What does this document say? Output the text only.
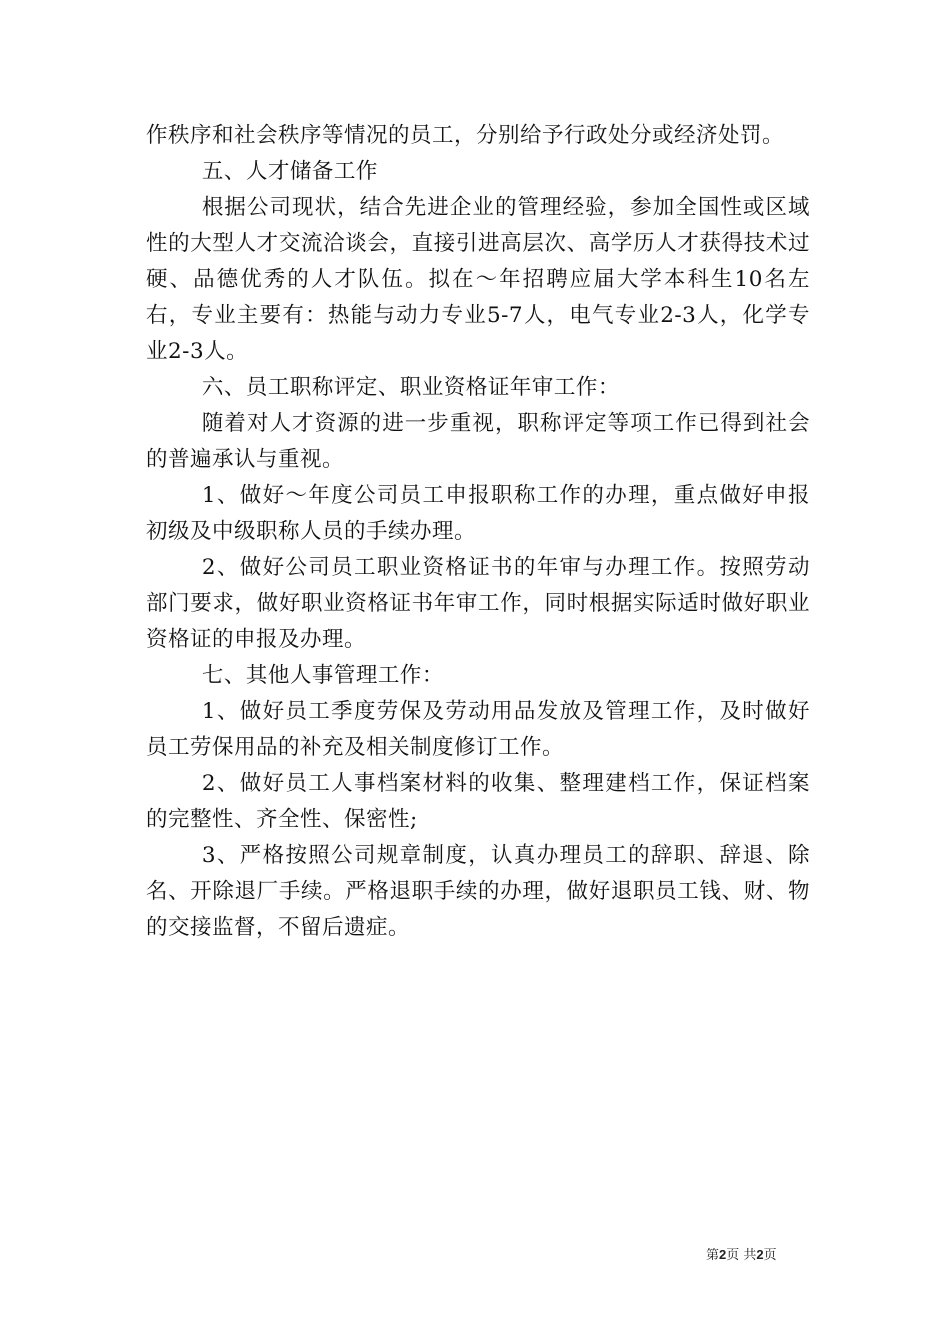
作秩序和社会秩序等情况的员工，分别给予行政处分或经济处罚。

五、人才储备工作

根据公司现状，结合先进企业的管理经验，参加全国性或区域性的大型人才交流洽谈会，直接引进高层次、高学历人才获得技术过硬、品德优秀的人才队伍。拟在～年招聘应届大学本科生10名左右，专业主要有：热能与动力专业5-7人，电气专业2-3人，化学专业2-3人。

六、员工职称评定、职业资格证年审工作：

随着对人才资源的进一步重视，职称评定等项工作已得到社会的普遍承认与重视。

1、做好～年度公司员工申报职称工作的办理，重点做好申报初级及中级职称人员的手续办理。

2、做好公司员工职业资格证书的年审与办理工作。按照劳动部门要求，做好职业资格证书年审工作，同时根据实际适时做好职业资格证的申报及办理。

七、其他人事管理工作：

1、做好员工季度劳保及劳动用品发放及管理工作，及时做好员工劳保用品的补充及相关制度修订工作。

2、做好员工人事档案材料的收集、整理建档工作，保证档案的完整性、齐全性、保密性;

3、严格按照公司规章制度，认真办理员工的辞职、辞退、除名、开除退厂手续。严格退职手续的办理，做好退职员工钱、财、物的交接监督，不留后遗症。

第2页 共2页
